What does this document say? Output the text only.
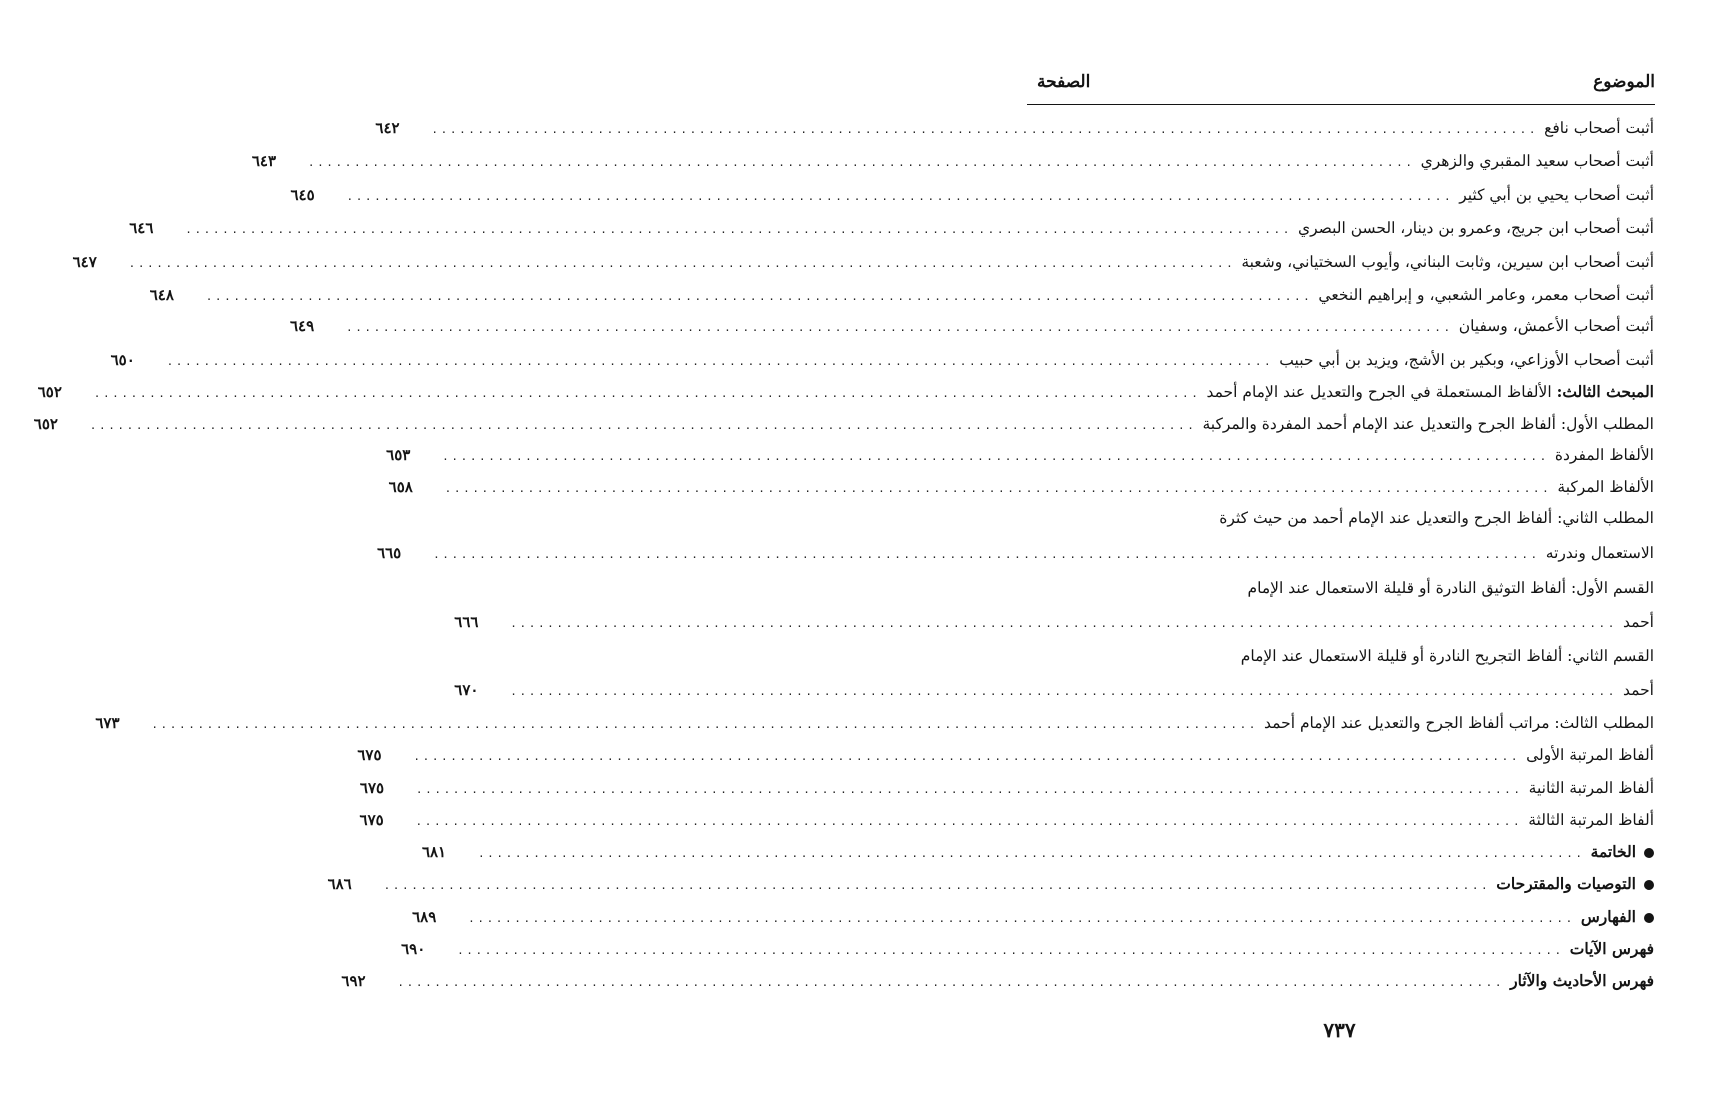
الموضوع
الصفحة
أثبت أصحاب نافع
........................................................................................................................
٦٤٢
أثبت أصحاب سعيد المقبري والزهري
........................................................................................................................
٦٤٣
أثبت أصحاب يحيي بن أبي كثير
........................................................................................................................
٦٤٥
أثبت أصحاب ابن جريج، وعمرو بن دينار، الحسن البصري
........................................................................................................................
٦٤٦
أثبت أصحاب ابن سيرين، وثابت البناني، وأيوب السختياني، وشعبة
........................................................................................................................
٦٤٧
أثبت أصحاب معمر، وعامر الشعبي، و إبراهيم النخعي
........................................................................................................................
٦٤٨
أثبت أصحاب الأعمش، وسفيان
........................................................................................................................
٦٤٩
أثبت أصحاب الأوزاعي، وبكير بن الأشج، ويزيد بن أبي حبيب
........................................................................................................................
٦٥٠
المبحث الثالث: الألفاظ المستعملة في الجرح والتعديل عند الإمام أحمد
........................................................................................................................
٦٥٢
المطلب الأول: ألفاظ الجرح والتعديل عند الإمام أحمد المفردة والمركبة
........................................................................................................................
٦٥٢
الألفاظ المفردة
........................................................................................................................
٦٥٣
الألفاظ المركبة
........................................................................................................................
٦٥٨
المطلب الثاني: ألفاظ الجرح والتعديل عند الإمام أحمد من حيث كثرة
الاستعمال وندرته
........................................................................................................................
٦٦٥
القسم الأول: ألفاظ التوثيق النادرة أو قليلة الاستعمال عند الإمام
أحمد
........................................................................................................................
٦٦٦
القسم الثاني: ألفاظ التجريح النادرة أو قليلة الاستعمال عند الإمام
أحمد
........................................................................................................................
٦٧٠
المطلب الثالث: مراتب ألفاظ الجرح والتعديل عند الإمام أحمد
........................................................................................................................
٦٧٣
ألفاظ المرتبة الأولى
........................................................................................................................
٦٧٥
ألفاظ المرتبة الثانية
........................................................................................................................
٦٧٥
ألفاظ المرتبة الثالثة
........................................................................................................................
٦٧٥
الخاتمة
........................................................................................................................
٦٨١
التوصيات والمقترحات
........................................................................................................................
٦٨٦
الفهارس
........................................................................................................................
٦٨٩
فهرس الآيات
........................................................................................................................
٦٩٠
فهرس الأحاديث والآثار
........................................................................................................................
٦٩٢
٧٣٧
